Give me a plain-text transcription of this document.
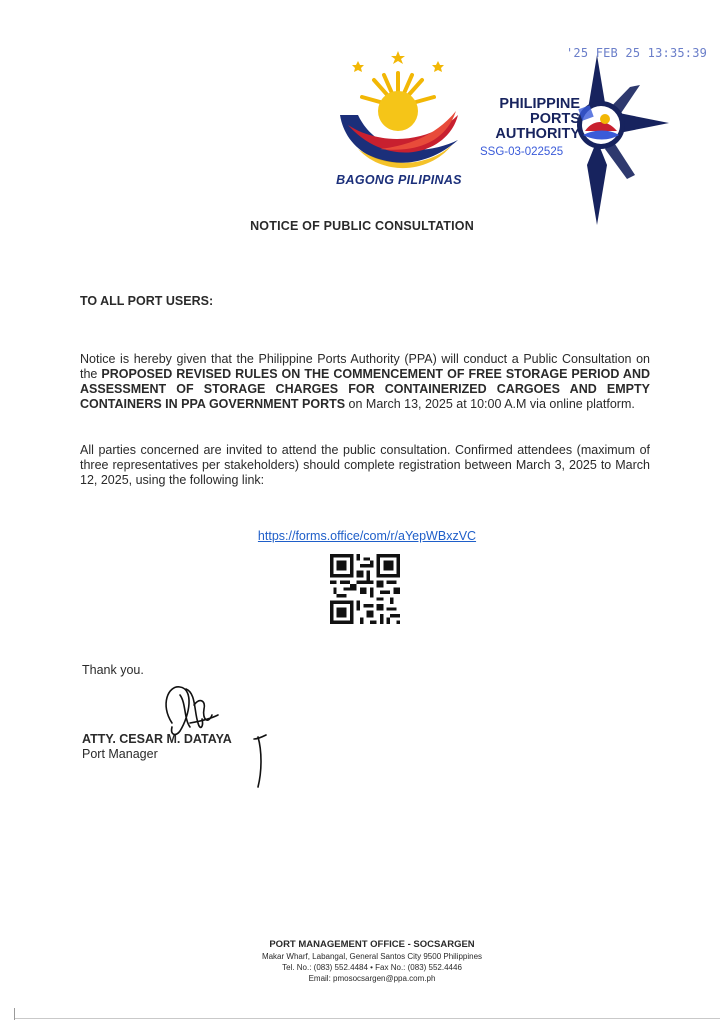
BAGONG PILIPINAS
PHILIPPINE
PORTS
AUTHORITY
SSG-03-022525
'25 FEB 25 13:35:39
NOTICE OF PUBLIC CONSULTATION
TO ALL PORT USERS:
Notice is hereby given that the Philippine Ports Authority (PPA) will conduct a Public Consultation on the PROPOSED REVISED RULES ON THE COMMENCEMENT OF FREE STORAGE PERIOD AND ASSESSMENT OF STORAGE CHARGES FOR CONTAINERIZED CARGOES AND EMPTY CONTAINERS IN PPA GOVERNMENT PORTS on March 13, 2025 at 10:00 A.M via online platform.
All parties concerned are invited to attend the public consultation. Confirmed attendees (maximum of three representatives per stakeholders) should complete registration between March 3, 2025 to March 12, 2025, using the following link:
https://forms.office/com/r/aYepWBxzVC
Thank you.
ATTY. CESAR M. DATAYA
Port Manager
PORT MANAGEMENT OFFICE - SOCSARGEN
Makar Wharf, Labangal, General Santos City 9500 Philippines
Tel. No.: (083) 552.4484 • Fax No.: (083) 552.4446
Email: pmosocsargen@ppa.com.ph
